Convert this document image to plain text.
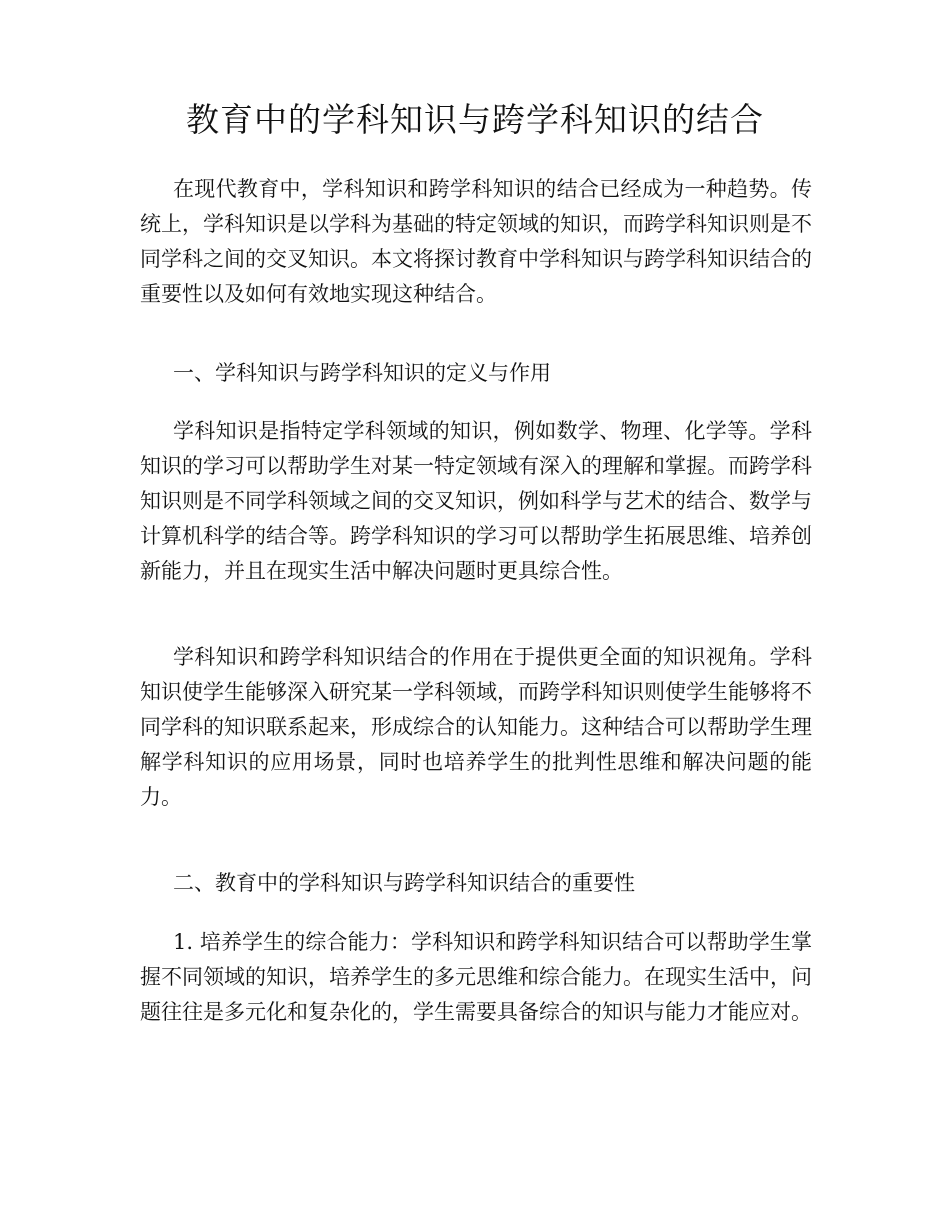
教育中的学科知识与跨学科知识的结合

在现代教育中，学科知识和跨学科知识的结合已经成为一种趋势。传统上，学科知识是以学科为基础的特定领域的知识，而跨学科知识则是不同学科之间的交叉知识。本文将探讨教育中学科知识与跨学科知识结合的重要性以及如何有效地实现这种结合。

一、学科知识与跨学科知识的定义与作用

学科知识是指特定学科领域的知识，例如数学、物理、化学等。学科知识的学习可以帮助学生对某一特定领域有深入的理解和掌握。而跨学科知识则是不同学科领域之间的交叉知识，例如科学与艺术的结合、数学与计算机科学的结合等。跨学科知识的学习可以帮助学生拓展思维、培养创新能力，并且在现实生活中解决问题时更具综合性。

学科知识和跨学科知识结合的作用在于提供更全面的知识视角。学科知识使学生能够深入研究某一学科领域，而跨学科知识则使学生能够将不同学科的知识联系起来，形成综合的认知能力。这种结合可以帮助学生理解学科知识的应用场景，同时也培养学生的批判性思维和解决问题的能力。

二、教育中的学科知识与跨学科知识结合的重要性

1. 培养学生的综合能力：学科知识和跨学科知识结合可以帮助学生掌握不同领域的知识，培养学生的多元思维和综合能力。在现实生活中，问题往往是多元化和复杂化的，学生需要具备综合的知识与能力才能应对。
